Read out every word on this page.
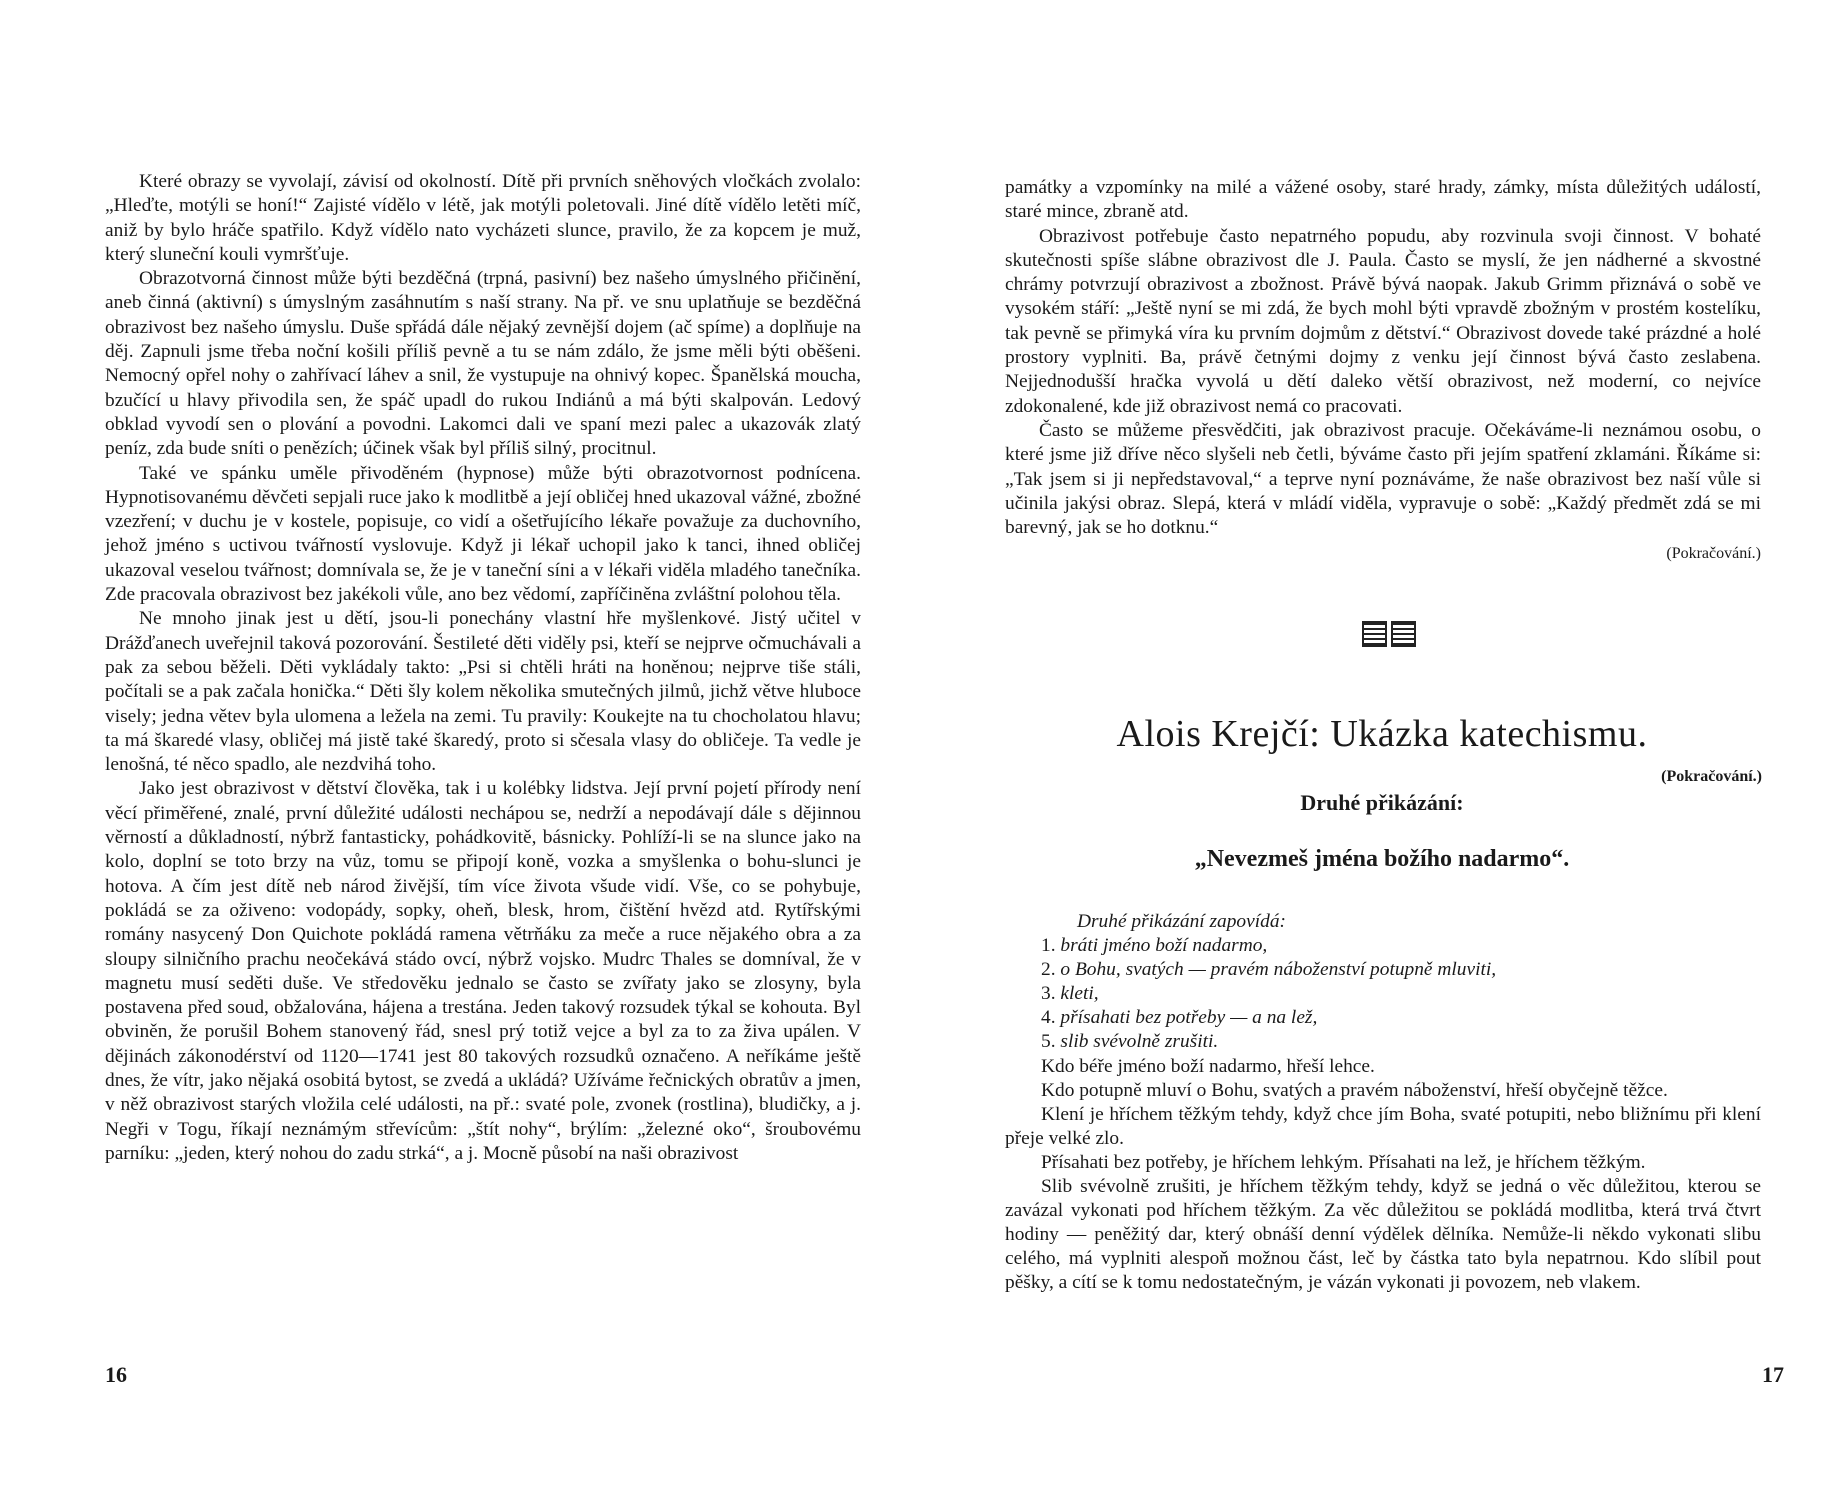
Které obrazy se vyvolají, závisí od okolností. Dítě při prvních sněhových vločkách zvolalo: „Hleďte, motýli se honí!“ Zajisté vídělo v létě, jak motýli poletovali. Jiné dítě vídělo letěti míč, aniž by bylo hráče spatřilo. Když vídělo nato vycházeti slunce, pravilo, že za kopcem je muž, který sluneční kouli vymršťuje.

Obrazotvorná činnost může býti bezděčná (trpná, pasivní) bez našeho úmyslného přičinění, aneb činná (aktivní) s úmyslným zasáhnutím s naší strany. Na př. ve snu uplatňuje se bezděčná obrazivost bez našeho úmyslu. Duše spřádá dále nějaký zevnější dojem (ač spíme) a doplňuje na děj. Zapnuli jsme třeba noční košili příliš pevně a tu se nám zdálo, že jsme měli býti oběšeni. Nemocný opřel nohy o zahřívací láhev a snil, že vystupuje na ohnivý kopec. Španělská moucha, bzučící u hlavy přivodila sen, že spáč upadl do rukou Indiánů a má býti skalpován. Ledový obklad vyvodí sen o plování a povodni. Lakomci dali ve spaní mezi palec a ukazovák zlatý peníz, zda bude sníti o penězích; účinek však byl příliš silný, procitnul.

Také ve spánku uměle přivoděném (hypnose) může býti obrazotvornost podnícena. Hypnotisovanému děvčeti sepjali ruce jako k modlitbě a její obličej hned ukazoval vážné, zbožné vzezření; v duchu je v kostele, popisuje, co vidí a ošetřujícího lékaře považuje za duchovního, jehož jméno s uctivou tvářností vyslovuje. Když ji lékař uchopil jako k tanci, ihned obličej ukazoval veselou tvářnost; domnívala se, že je v taneční síni a v lékaři viděla mladého tanečníka. Zde pracovala obrazivost bez jakékoli vůle, ano bez vědomí, zapříčiněna zvláštní polohou těla.

Ne mnoho jinak jest u dětí, jsou-li ponechány vlastní hře myšlenkové. Jistý učitel v Drážďanech uveřejnil taková pozorování. Šestileté děti viděly psi, kteří se nejprve očmuchávali a pak za sebou běželi. Děti vykládaly takto: „Psi si chtěli hráti na honěnou; nejprve tiše stáli, počítali se a pak začala honička.“ Děti šly kolem několika smutečných jilmů, jichž větve hluboce visely; jedna větev byla ulomena a ležela na zemi. Tu pravily: Koukejte na tu chocholatou hlavu; ta má škaredé vlasy, obličej má jistě také škaredý, proto si sčesala vlasy do obličeje. Ta vedle je lenošná, té něco spadlo, ale nezdvihá toho.

Jako jest obrazivost v dětství člověka, tak i u kolébky lidstva. Její první pojetí přírody není věcí přiměřené, znalé, první důležité události nechápou se, nedrží a nepodávají dále s dějinnou věrností a důkladností, nýbrž fantasticky, pohádkovitě, básnicky. Pohlíží-li se na slunce jako na kolo, doplní se toto brzy na vůz, tomu se připojí koně, vozka a smyšlenka o bohu-slunci je hotova. A čím jest dítě neb národ živější, tím více života všude vidí. Vše, co se pohybuje, pokládá se za oživeno: vodopády, sopky, oheň, blesk, hrom, čištění hvězd atd. Rytířskými romány nasycený Don Quichote pokládá ramena větrňáku za meče a ruce nějakého obra a za sloupy silničního prachu neočekává stádo ovcí, nýbrž vojsko. Mudrc Thales se domníval, že v magnetu musí seděti duše. Ve středověku jednalo se často se zvířaty jako se zlosyny, byla postavena před soud, obžalována, hájena a trestána. Jeden takový rozsudek týkal se kohouta. Byl obviněn, že porušil Bohem stanovený řád, snesl prý totiž vejce a byl za to za živa upálen. V dějinách zákonodérství od 1120—1741 jest 80 takových rozsudků označeno. A neříkáme ještě dnes, že vítr, jako nějaká osobitá bytost, se zvedá a ukládá? Užíváme řečnických obratův a jmen, v něž obrazivost starých vložila celé události, na př.: svaté pole, zvonek (rostlina), bludičky, a j. Negři v Togu, říkají neznámým střevícům: „štít nohy“, brýlím: „železné oko“, šroubovému parníku: „jeden, který nohou do zadu strká“, a j. Mocně působí na naši obrazivost

16

památky a vzpomínky na milé a vážené osoby, staré hrady, zámky, místa důležitých událostí, staré mince, zbraně atd.

Obrazivost potřebuje často nepatrného popudu, aby rozvinula svoji činnost. V bohaté skutečnosti spíše slábne obrazivost dle J. Paula. Často se myslí, že jen nádherné a skvostné chrámy potvrzují obrazivost a zbožnost. Právě bývá naopak. Jakub Grimm přiznává o sobě ve vysokém stáří: „Ještě nyní se mi zdá, že bych mohl býti vpravdě zbožným v prostém kostelíku, tak pevně se přimyká víra ku prvním dojmům z dětství.“ Obrazivost dovede také prázdné a holé prostory vyplniti. Ba, právě četnými dojmy z venku její činnost bývá často zeslabena. Nejjednodušší hračka vyvolá u dětí daleko větší obrazivost, než moderní, co nejvíce zdokonalené, kde již obrazivost nemá co pracovati.

Často se můžeme přesvědčiti, jak obrazivost pracuje. Očekáváme-li neznámou osobu, o které jsme již dříve něco slyšeli neb četli, býváme často při jejím spatření zklamáni. Říkáme si: „Tak jsem si ji nepředstavoval,“ a teprve nyní poznáváme, že naše obrazivost bez naší vůle si učinila jakýsi obraz. Slepá, která v mládí viděla, vypravuje o sobě: „Každý předmět zdá se mi barevný, jak se ho dotknu.“

(Pokračování.)
Alois Krejčí: Ukázka katechismu.
(Pokračování.)
Druhé přikázání:
„Nevezmeš jména božího nadarmo“.

Druhé přikázání zapovídá:

1. bráti jméno boží nadarmo,
2. o Bohu, svatých — pravém náboženství potupně mluviti,
3. kleti,
4. přísahati bez potřeby — a na lež,
5. slib svévolně zrušiti.

Kdo béře jméno boží nadarmo, hřeší lehce.

Kdo potupně mluví o Bohu, svatých a pravém náboženství, hřeší obyčejně těžce.

Klení je hříchem těžkým tehdy, když chce jím Boha, svaté potupiti, nebo bližnímu při klení přeje velké zlo.

Přísahati bez potřeby, je hříchem lehkým. Přísahati na lež, je hříchem těžkým.

Slib svévolně zrušiti, je hříchem těžkým tehdy, když se jedná o věc důležitou, kterou se zavázal vykonati pod hříchem těžkým. Za věc důležitou se pokládá modlitba, která trvá čtvrt hodiny — peněžitý dar, který obnáší denní výdělek dělníka. Nemůže-li někdo vykonati slibu celého, má vyplniti alespoň možnou část, leč by částka tato byla nepatrnou. Kdo slíbil pout pěšky, a cítí se k tomu nedostatečným, je vázán vykonati ji povozem, neb vlakem.

17
